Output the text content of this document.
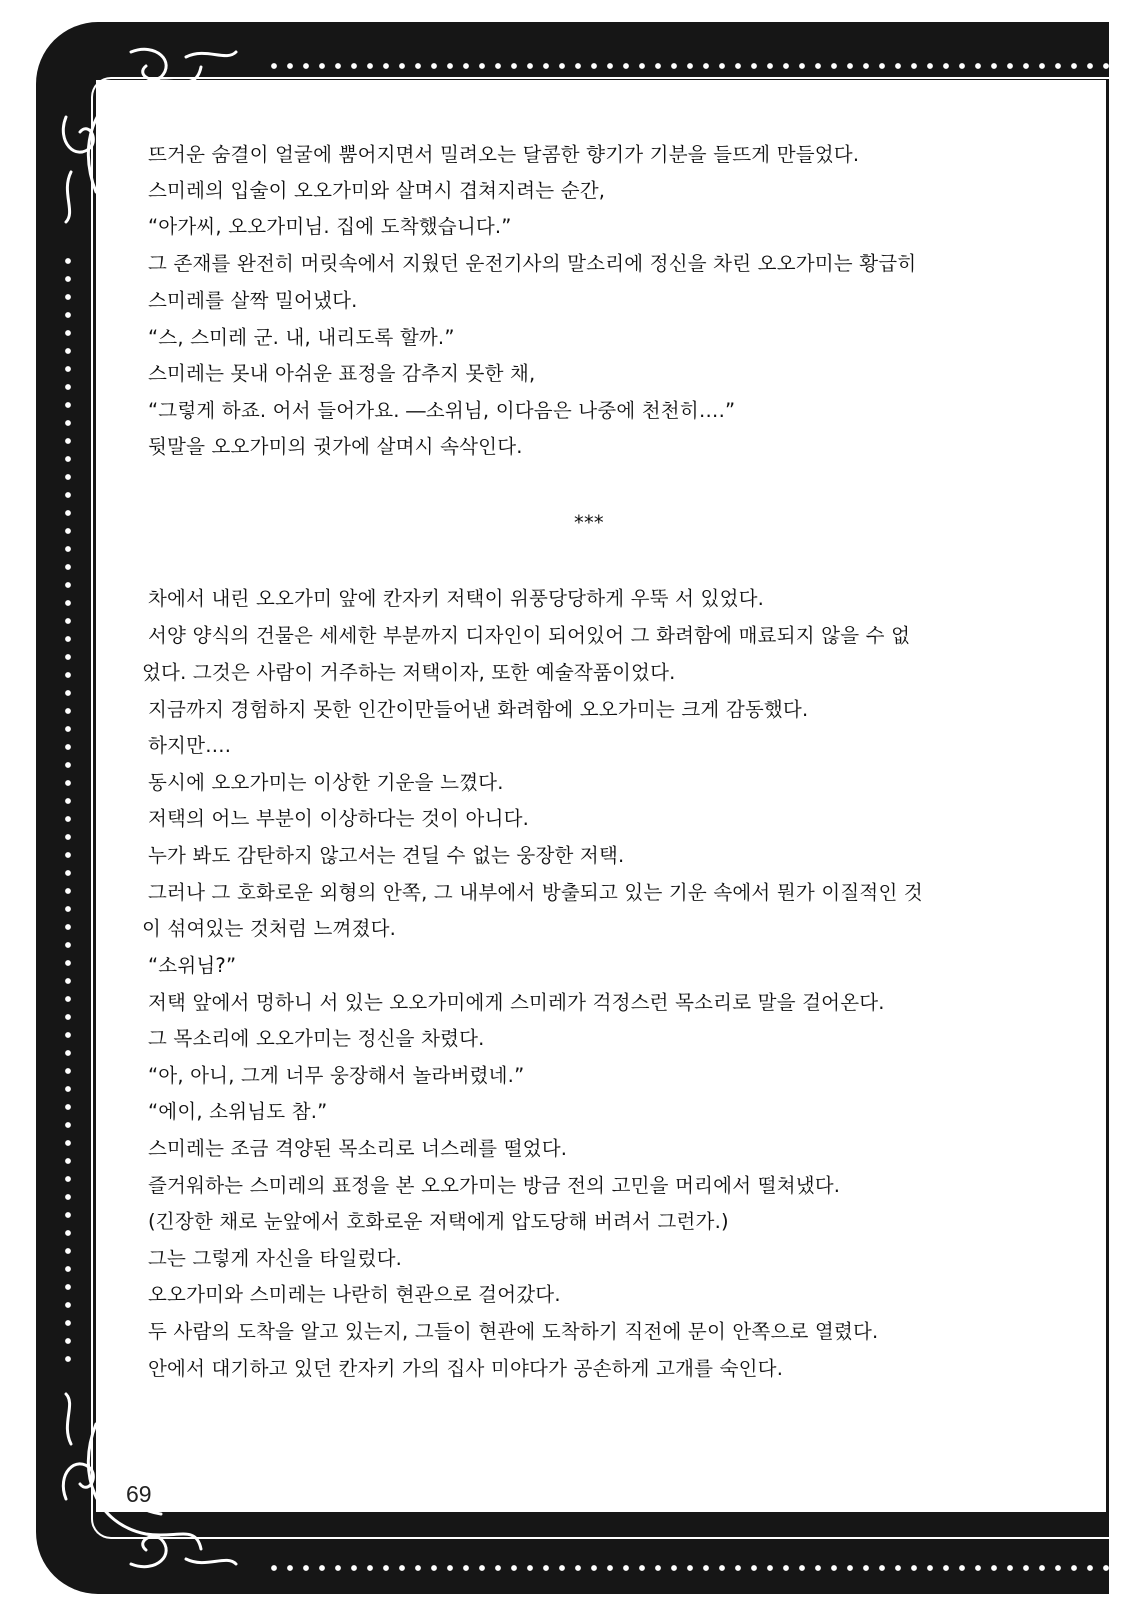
뜨거운 숨결이 얼굴에 뿜어지면서 밀려오는 달콤한 향기가 기분을 들뜨게 만들었다.
스미레의 입술이 오오가미와 살며시 겹쳐지려는 순간,
“아가씨, 오오가미님. 집에 도착했습니다.”
그 존재를 완전히 머릿속에서 지웠던 운전기사의 말소리에 정신을 차린 오오가미는 황급히
스미레를 살짝 밀어냈다.
“스, 스미레 군. 내, 내리도록 할까.”
스미레는 못내 아쉬운 표정을 감추지 못한 채,
“그렇게 하죠. 어서 들어가요. ―소위님, 이다음은 나중에 천천히….”
뒷말을 오오가미의 귓가에 살며시 속삭인다.
***
차에서 내린 오오가미 앞에 칸자키 저택이 위풍당당하게 우뚝 서 있었다.
서양 양식의 건물은 세세한 부분까지 디자인이 되어있어 그 화려함에 매료되지 않을 수 없
었다. 그것은 사람이 거주하는 저택이자, 또한 예술작품이었다.
지금까지 경험하지 못한 인간이만들어낸 화려함에 오오가미는 크게 감동했다.
하지만….
동시에 오오가미는 이상한 기운을 느꼈다.
저택의 어느 부분이 이상하다는 것이 아니다.
누가 봐도 감탄하지 않고서는 견딜 수 없는 웅장한 저택.
그러나 그 호화로운 외형의 안쪽, 그 내부에서 방출되고 있는 기운 속에서 뭔가 이질적인 것
이 섞여있는 것처럼 느껴졌다.
“소위님?”
저택 앞에서 멍하니 서 있는 오오가미에게 스미레가 걱정스런 목소리로 말을 걸어온다.
그 목소리에 오오가미는 정신을 차렸다.
“아, 아니, 그게 너무 웅장해서 놀라버렸네.”
“에이, 소위님도 참.”
스미레는 조금 격양된 목소리로 너스레를 떨었다.
즐거워하는 스미레의 표정을 본 오오가미는 방금 전의 고민을 머리에서 떨쳐냈다.
(긴장한 채로 눈앞에서 호화로운 저택에게 압도당해 버려서 그런가.)
그는 그렇게 자신을 타일렀다.
오오가미와 스미레는 나란히 현관으로 걸어갔다.
두 사람의 도착을 알고 있는지, 그들이 현관에 도착하기 직전에 문이 안쪽으로 열렸다.
안에서 대기하고 있던 칸자키 가의 집사 미야다가 공손하게 고개를 숙인다.
69
